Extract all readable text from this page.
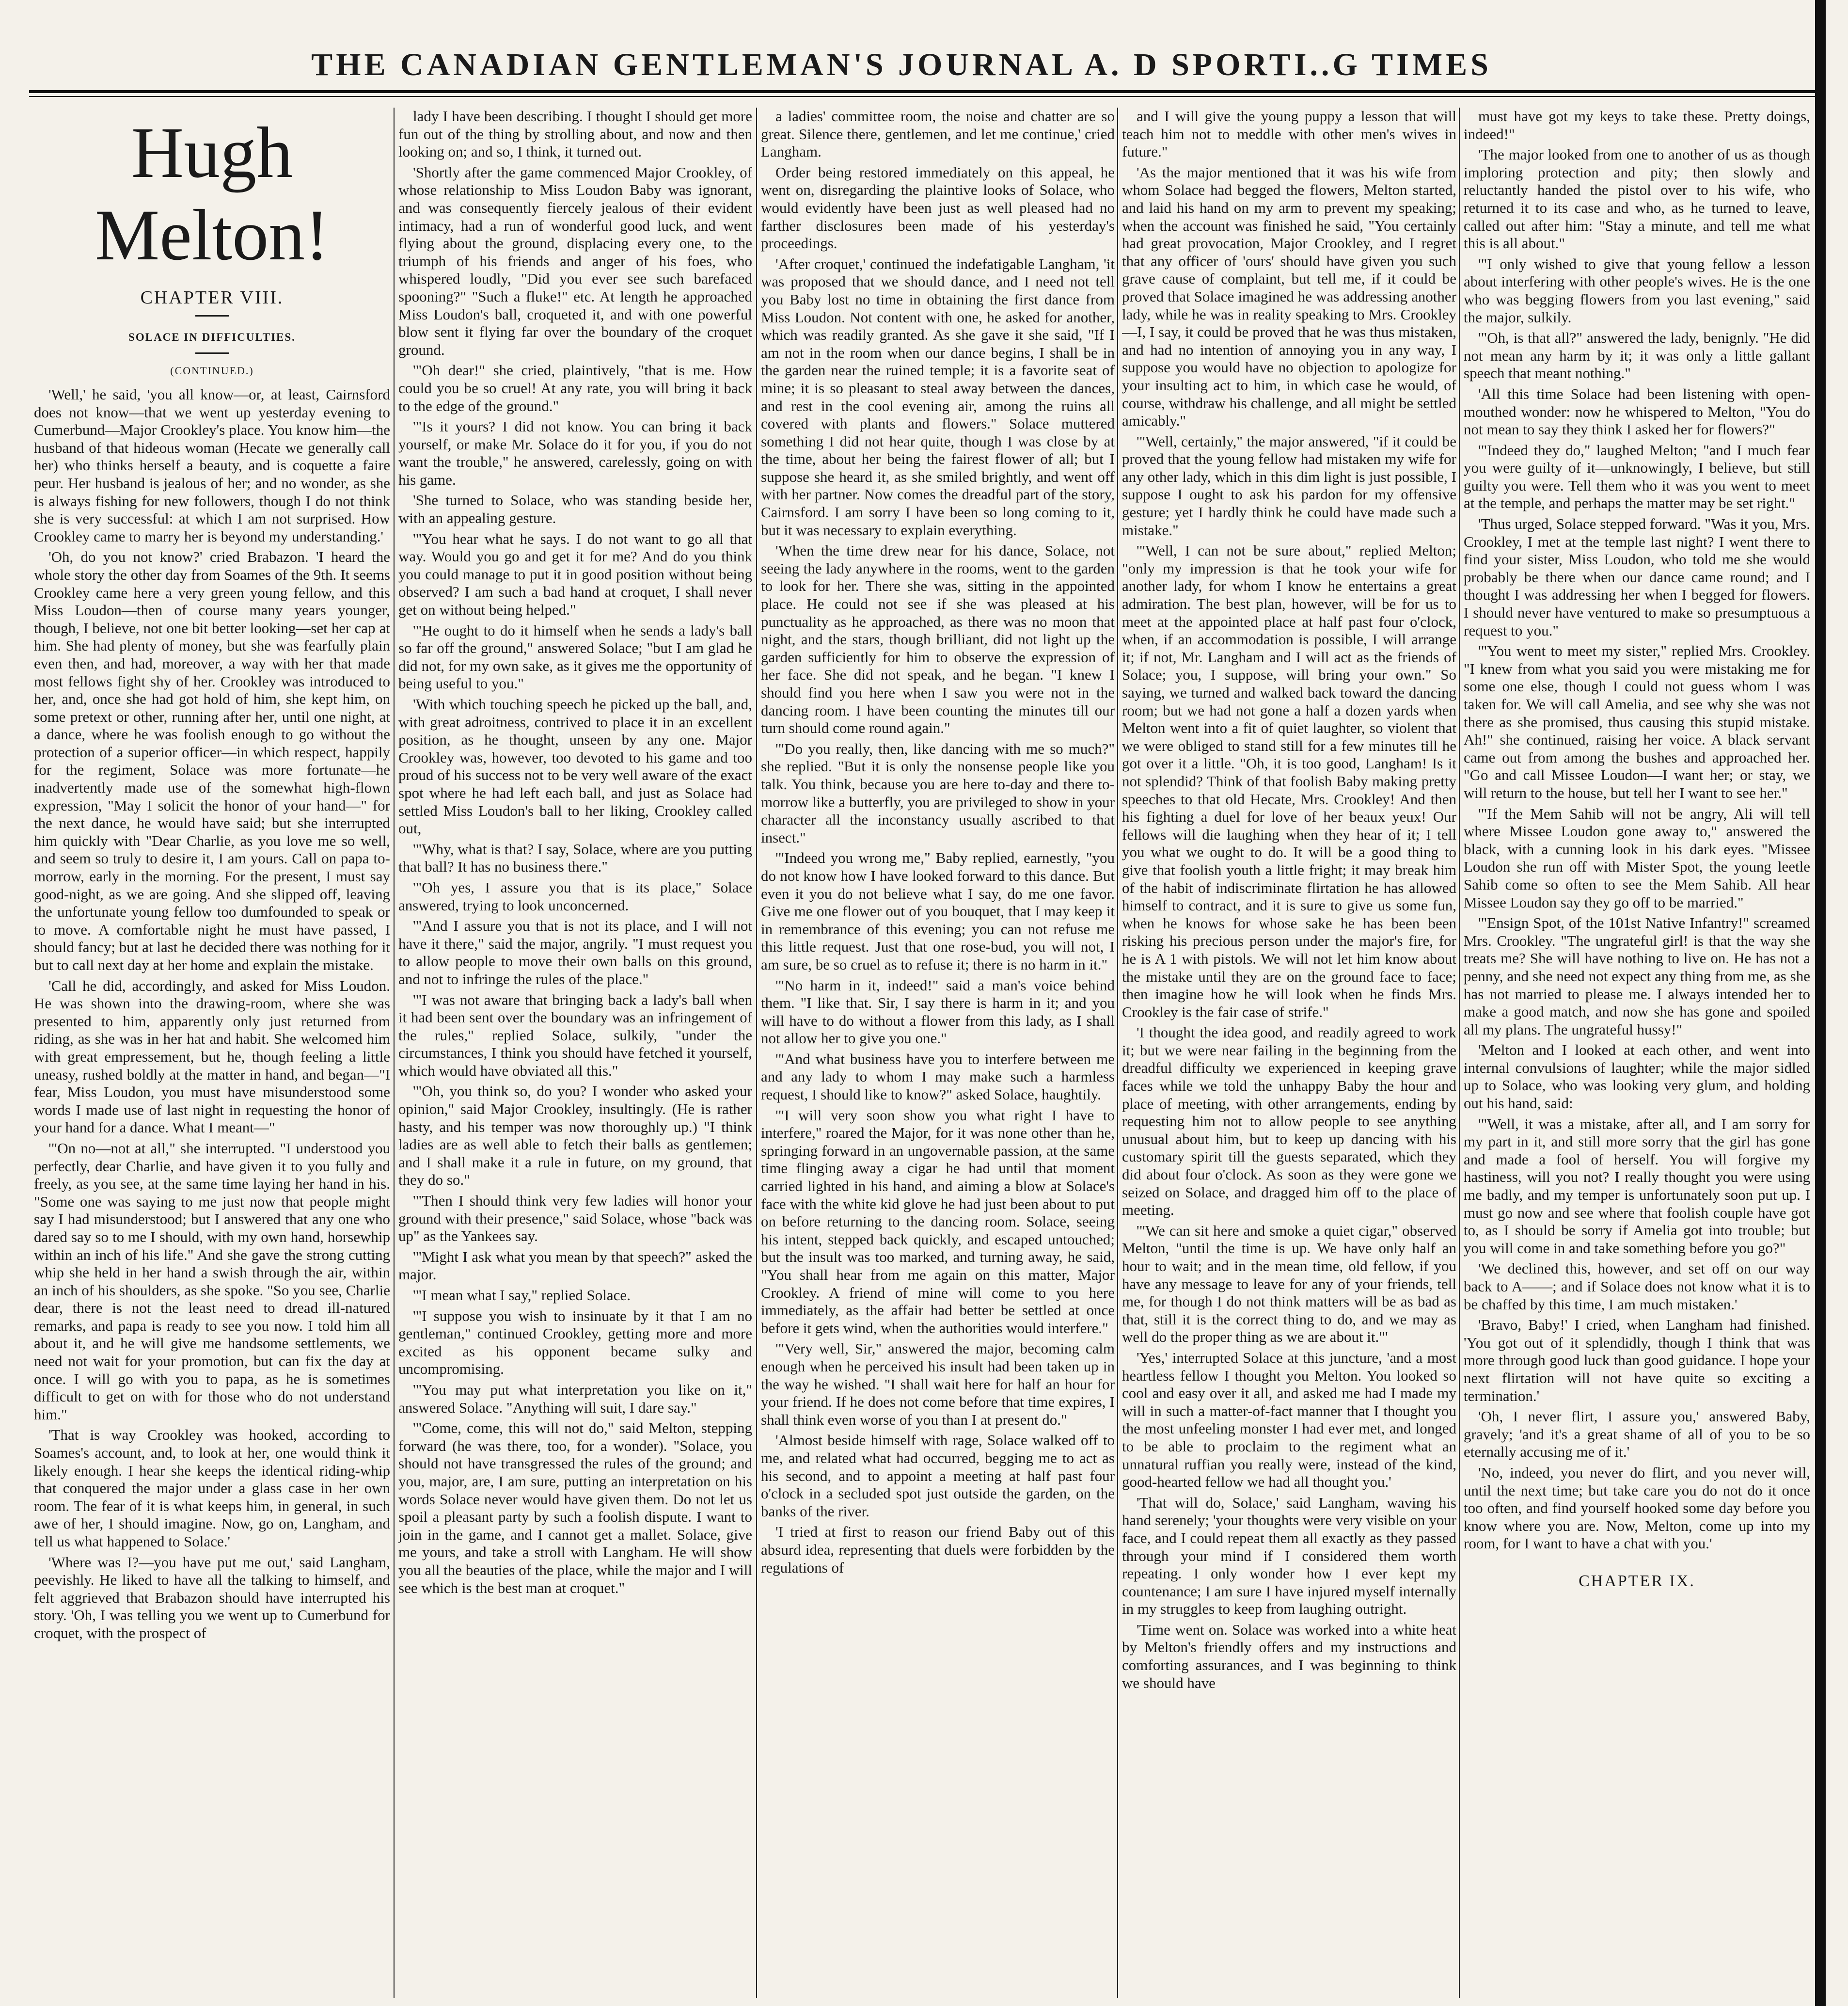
THE CANADIAN GENTLEMAN'S JOURNAL A. D SPORTI..G TIMES
Hugh Melton!
CHAPTER VIII.
SOLACE IN DIFFICULTIES.
(CONTINUED.)

'Well,' he said, 'you all know—or, at least, Cairnsford does not know—that we went up yesterday evening to Cumerbund—Major Crookley's place. You know him—the husband of that hideous woman (Hecate we generally call her) who thinks herself a beauty, and is coquette a faire peur. Her husband is jealous of her; and no wonder, as she is always fishing for new followers, though I do not think she is very successful: at which I am not surprised. How Crookley came to marry her is beyond my understanding.'

'Oh, do you not know?' cried Brabazon. 'I heard the whole story the other day from Soames of the 9th. It seems Crookley came here a very green young fellow, and this Miss Loudon—then of course many years younger, though, I believe, not one bit better looking—set her cap at him. She had plenty of money, but she was fearfully plain even then, and had, moreover, a way with her that made most fellows fight shy of her. Crookley was introduced to her, and, once she had got hold of him, she kept him, on some pretext or other, running after her, until one night, at a dance, where he was foolish enough to go without the protection of a superior officer—in which respect, happily for the regiment, Solace was more fortunate—he inadvertently made use of the somewhat high-flown expression, "May I solicit the honor of your hand—" for the next dance, he would have said; but she interrupted him quickly with "Dear Charlie, as you love me so well, and seem so truly to desire it, I am yours. Call on papa to-morrow, early in the morning. For the present, I must say good-night, as we are going. And she slipped off, leaving the unfortunate young fellow too dumfounded to speak or to move. A comfortable night he must have passed, I should fancy; but at last he decided there was nothing for it but to call next day at her home and explain the mistake.

'Call he did, accordingly, and asked for Miss Loudon. He was shown into the drawing-room, where she was presented to him, apparently only just returned from riding, as she was in her hat and habit. She welcomed him with great empressement, but he, though feeling a little uneasy, rushed boldly at the matter in hand, and began—"I fear, Miss Loudon, you must have misunderstood some words I made use of last night in requesting the honor of your hand for a dance. What I meant—"

'"On no—not at all," she interrupted. "I understood you perfectly, dear Charlie, and have given it to you fully and freely, as you see, at the same time laying her hand in his. "Some one was saying to me just now that people might say I had misunderstood; but I answered that any one who dared say so to me I should, with my own hand, horsewhip within an inch of his life." And she gave the strong cutting whip she held in her hand a swish through the air, within an inch of his shoulders, as she spoke. "So you see, Charlie dear, there is not the least need to dread ill-natured remarks, and papa is ready to see you now. I told him all about it, and he will give me handsome settlements, we need not wait for your promotion, but can fix the day at once. I will go with you to papa, as he is sometimes difficult to get on with for those who do not understand him."

'That is way Crookley was hooked, according to Soames's account, and, to look at her, one would think it likely enough. I hear she keeps the identical riding-whip that conquered the major under a glass case in her own room. The fear of it is what keeps him, in general, in such awe of her, I should imagine. Now, go on, Langham, and tell us what happened to Solace.'

'Where was I?—you have put me out,' said Langham, peevishly. He liked to have all the talking to himself, and felt aggrieved that Brabazon should have interrupted his story. 'Oh, I was telling you we went up to Cumerbund for croquet, with the prospect of

lady I have been describing. I thought I should get more fun out of the thing by strolling about, and now and then looking on; and so, I think, it turned out.

'Shortly after the game commenced Major Crookley, of whose relationship to Miss Loudon Baby was ignorant, and was consequently fiercely jealous of their evident intimacy, had a run of wonderful good luck, and went flying about the ground, displacing every one, to the triumph of his friends and anger of his foes, who whispered loudly, "Did you ever see such barefaced spooning?" "Such a fluke!" etc. At length he approached Miss Loudon's ball, croqueted it, and with one powerful blow sent it flying far over the boundary of the croquet ground.

'"Oh dear!" she cried, plaintively, "that is me. How could you be so cruel! At any rate, you will bring it back to the edge of the ground."

'"Is it yours? I did not know. You can bring it back yourself, or make Mr. Solace do it for you, if you do not want the trouble," he answered, carelessly, going on with his game.

'She turned to Solace, who was standing beside her, with an appealing gesture.

'"You hear what he says. I do not want to go all that way. Would you go and get it for me? And do you think you could manage to put it in good position without being observed? I am such a bad hand at croquet, I shall never get on without being helped."

'"He ought to do it himself when he sends a lady's ball so far off the ground," answered Solace; "but I am glad he did not, for my own sake, as it gives me the opportunity of being useful to you."

'With which touching speech he picked up the ball, and, with great adroitness, contrived to place it in an excellent position, as he thought, unseen by any one. Major Crookley was, however, too devoted to his game and too proud of his success not to be very well aware of the exact spot where he had left each ball, and just as Solace had settled Miss Loudon's ball to her liking, Crookley called out,

'"Why, what is that? I say, Solace, where are you putting that ball? It has no business there."

'"Oh yes, I assure you that is its place," Solace answered, trying to look unconcerned.

'"And I assure you that is not its place, and I will not have it there," said the major, angrily. "I must request you to allow people to move their own balls on this ground, and not to infringe the rules of the place."

'"I was not aware that bringing back a lady's ball when it had been sent over the boundary was an infringement of the rules," replied Solace, sulkily, "under the circumstances, I think you should have fetched it yourself, which would have obviated all this."

'"Oh, you think so, do you? I wonder who asked your opinion," said Major Crookley, insultingly. (He is rather hasty, and his temper was now thoroughly up.) "I think ladies are as well able to fetch their balls as gentlemen; and I shall make it a rule in future, on my ground, that they do so."

'"Then I should think very few ladies will honor your ground with their presence," said Solace, whose "back was up" as the Yankees say.

'"Might I ask what you mean by that speech?" asked the major.

'"I mean what I say," replied Solace.

'"I suppose you wish to insinuate by it that I am no gentleman," continued Crookley, getting more and more excited as his opponent became sulky and uncompromising.

'"You may put what interpretation you like on it," answered Solace. "Anything will suit, I dare say."

'"Come, come, this will not do," said Melton, stepping forward (he was there, too, for a wonder). "Solace, you should not have transgressed the rules of the ground; and you, major, are, I am sure, putting an interpretation on his words Solace never would have given them. Do not let us spoil a pleasant party by such a foolish dispute. I want to join in the game, and I cannot get a mallet. Solace, give me yours, and take a stroll with Langham. He will show you all the beauties of the place, while the major and I will see which is the best man at croquet."

a ladies' committee room, the noise and chatter are so great. Silence there, gentlemen, and let me continue,' cried Langham.

Order being restored immediately on this appeal, he went on, disregarding the plaintive looks of Solace, who would evidently have been just as well pleased had no farther disclosures been made of his yesterday's proceedings.

'After croquet,' continued the indefatigable Langham, 'it was proposed that we should dance, and I need not tell you Baby lost no time in obtaining the first dance from Miss Loudon. Not content with one, he asked for another, which was readily granted. As she gave it she said, "If I am not in the room when our dance begins, I shall be in the garden near the ruined temple; it is a favorite seat of mine; it is so pleasant to steal away between the dances, and rest in the cool evening air, among the ruins all covered with plants and flowers." Solace muttered something I did not hear quite, though I was close by at the time, about her being the fairest flower of all; but I suppose she heard it, as she smiled brightly, and went off with her partner. Now comes the dreadful part of the story, Cairnsford. I am sorry I have been so long coming to it, but it was necessary to explain everything.

'When the time drew near for his dance, Solace, not seeing the lady anywhere in the rooms, went to the garden to look for her. There she was, sitting in the appointed place. He could not see if she was pleased at his punctuality as he approached, as there was no moon that night, and the stars, though brilliant, did not light up the garden sufficiently for him to observe the expression of her face. She did not speak, and he began. "I knew I should find you here when I saw you were not in the dancing room. I have been counting the minutes till our turn should come round again."

'"Do you really, then, like dancing with me so much?" she replied. "But it is only the nonsense people like you talk. You think, because you are here to-day and there to-morrow like a butterfly, you are privileged to show in your character all the inconstancy usually ascribed to that insect."

'"Indeed you wrong me," Baby replied, earnestly, "you do not know how I have looked forward to this dance. But even it you do not believe what I say, do me one favor. Give me one flower out of you bouquet, that I may keep it in remembrance of this evening; you can not refuse me this little request. Just that one rose-bud, you will not, I am sure, be so cruel as to refuse it; there is no harm in it."

'"No harm in it, indeed!" said a man's voice behind them. "I like that. Sir, I say there is harm in it; and you will have to do without a flower from this lady, as I shall not allow her to give you one."

'"And what business have you to interfere between me and any lady to whom I may make such a harmless request, I should like to know?" asked Solace, haughtily.

'"I will very soon show you what right I have to interfere," roared the Major, for it was none other than he, springing forward in an ungovernable passion, at the same time flinging away a cigar he had until that moment carried lighted in his hand, and aiming a blow at Solace's face with the white kid glove he had just been about to put on before returning to the dancing room. Solace, seeing his intent, stepped back quickly, and escaped untouched; but the insult was too marked, and turning away, he said, "You shall hear from me again on this matter, Major Crookley. A friend of mine will come to you here immediately, as the affair had better be settled at once before it gets wind, when the authorities would interfere."

'"Very well, Sir," answered the major, becoming calm enough when he perceived his insult had been taken up in the way he wished. "I shall wait here for half an hour for your friend. If he does not come before that time expires, I shall think even worse of you than I at present do."

'Almost beside himself with rage, Solace walked off to me, and related what had occurred, begging me to act as his second, and to appoint a meeting at half past four o'clock in a secluded spot just outside the garden, on the banks of the river.

'I tried at first to reason our friend Baby out of this absurd idea, representing that duels were forbidden by the regulations of

and I will give the young puppy a lesson that will teach him not to meddle with other men's wives in future."

'As the major mentioned that it was his wife from whom Solace had begged the flowers, Melton started, and laid his hand on my arm to prevent my speaking; when the account was finished he said, "You certainly had great provocation, Major Crookley, and I regret that any officer of 'ours' should have given you such grave cause of complaint, but tell me, if it could be proved that Solace imagined he was addressing another lady, while he was in reality speaking to Mrs. Crookley—I, I say, it could be proved that he was thus mistaken, and had no intention of annoying you in any way, I suppose you would have no objection to apologize for your insulting act to him, in which case he would, of course, withdraw his challenge, and all might be settled amicably."

'"Well, certainly," the major answered, "if it could be proved that the young fellow had mistaken my wife for any other lady, which in this dim light is just possible, I suppose I ought to ask his pardon for my offensive gesture; yet I hardly think he could have made such a mistake."

'"Well, I can not be sure about," replied Melton; "only my impression is that he took your wife for another lady, for whom I know he entertains a great admiration. The best plan, however, will be for us to meet at the appointed place at half past four o'clock, when, if an accommodation is possible, I will arrange it; if not, Mr. Langham and I will act as the friends of Solace; you, I suppose, will bring your own." So saying, we turned and walked back toward the dancing room; but we had not gone a half a dozen yards when Melton went into a fit of quiet laughter, so violent that we were obliged to stand still for a few minutes till he got over it a little. "Oh, it is too good, Langham! Is it not splendid? Think of that foolish Baby making pretty speeches to that old Hecate, Mrs. Crookley! And then his fighting a duel for love of her beaux yeux! Our fellows will die laughing when they hear of it; I tell you what we ought to do. It will be a good thing to give that foolish youth a little fright; it may break him of the habit of indiscriminate flirtation he has allowed himself to contract, and it is sure to give us some fun, when he knows for whose sake he has been been risking his precious person under the major's fire, for he is A 1 with pistols. We will not let him know about the mistake until they are on the ground face to face; then imagine how he will look when he finds Mrs. Crookley is the fair case of strife."

'I thought the idea good, and readily agreed to work it; but we were near failing in the beginning from the dreadful difficulty we experienced in keeping grave faces while we told the unhappy Baby the hour and place of meeting, with other arrangements, ending by requesting him not to allow people to see anything unusual about him, but to keep up dancing with his customary spirit till the guests separated, which they did about four o'clock. As soon as they were gone we seized on Solace, and dragged him off to the place of meeting.

'"We can sit here and smoke a quiet cigar," observed Melton, "until the time is up. We have only half an hour to wait; and in the mean time, old fellow, if you have any message to leave for any of your friends, tell me, for though I do not think matters will be as bad as that, still it is the correct thing to do, and we may as well do the proper thing as we are about it."'

'Yes,' interrupted Solace at this juncture, 'and a most heartless fellow I thought you Melton. You looked so cool and easy over it all, and asked me had I made my will in such a matter-of-fact manner that I thought you the most unfeeling monster I had ever met, and longed to be able to proclaim to the regiment what an unnatural ruffian you really were, instead of the kind, good-hearted fellow we had all thought you.'

'That will do, Solace,' said Langham, waving his hand serenely; 'your thoughts were very visible on your face, and I could repeat them all exactly as they passed through your mind if I considered them worth repeating. I only wonder how I ever kept my countenance; I am sure I have injured myself internally in my struggles to keep from laughing outright.

'Time went on. Solace was worked into a white heat by Melton's friendly offers and my instructions and comforting assurances, and I was beginning to think we should have

must have got my keys to take these. Pretty doings, indeed!"

'The major looked from one to another of us as though imploring protection and pity; then slowly and reluctantly handed the pistol over to his wife, who returned it to its case and who, as he turned to leave, called out after him: "Stay a minute, and tell me what this is all about."

'"I only wished to give that young fellow a lesson about interfering with other people's wives. He is the one who was begging flowers from you last evening," said the major, sulkily.

'"Oh, is that all?" answered the lady, benignly. "He did not mean any harm by it; it was only a little gallant speech that meant nothing."

'All this time Solace had been listening with open-mouthed wonder: now he whispered to Melton, "You do not mean to say they think I asked her for flowers?"

'"Indeed they do," laughed Melton; "and I much fear you were guilty of it—unknowingly, I believe, but still guilty you were. Tell them who it was you went to meet at the temple, and perhaps the matter may be set right."

'Thus urged, Solace stepped forward. "Was it you, Mrs. Crookley, I met at the temple last night? I went there to find your sister, Miss Loudon, who told me she would probably be there when our dance came round; and I thought I was addressing her when I begged for flowers. I should never have ventured to make so presumptuous a request to you."

'"You went to meet my sister," replied Mrs. Crookley. "I knew from what you said you were mistaking me for some one else, though I could not guess whom I was taken for. We will call Amelia, and see why she was not there as she promised, thus causing this stupid mistake. Ah!" she continued, raising her voice. A black servant came out from among the bushes and approached her. "Go and call Missee Loudon—I want her; or stay, we will return to the house, but tell her I want to see her."

'"If the Mem Sahib will not be angry, Ali will tell where Missee Loudon gone away to," answered the black, with a cunning look in his dark eyes. "Missee Loudon she run off with Mister Spot, the young leetle Sahib come so often to see the Mem Sahib. All hear Missee Loudon say they go off to be married."

'"Ensign Spot, of the 101st Native Infantry!" screamed Mrs. Crookley. "The ungrateful girl! is that the way she treats me? She will have nothing to live on. He has not a penny, and she need not expect any thing from me, as she has not married to please me. I always intended her to make a good match, and now she has gone and spoiled all my plans. The ungrateful hussy!"

'Melton and I looked at each other, and went into internal convulsions of laughter; while the major sidled up to Solace, who was looking very glum, and holding out his hand, said:

'"Well, it was a mistake, after all, and I am sorry for my part in it, and still more sorry that the girl has gone and made a fool of herself. You will forgive my hastiness, will you not? I really thought you were using me badly, and my temper is unfortunately soon put up. I must go now and see where that foolish couple have got to, as I should be sorry if Amelia got into trouble; but you will come in and take something before you go?"

'We declined this, however, and set off on our way back to A——; and if Solace does not know what it is to be chaffed by this time, I am much mistaken.'

'Bravo, Baby!' I cried, when Langham had finished. 'You got out of it splendidly, though I think that was more through good luck than good guidance. I hope your next flirtation will not have quite so exciting a termination.'

'Oh, I never flirt, I assure you,' answered Baby, gravely; 'and it's a great shame of all of you to be so eternally accusing me of it.'

'No, indeed, you never do flirt, and you never will, until the next time; but take care you do not do it once too often, and find yourself hooked some day before you know where you are. Now, Melton, come up into my room, for I want to have a chat with you.'

CHAPTER IX.
